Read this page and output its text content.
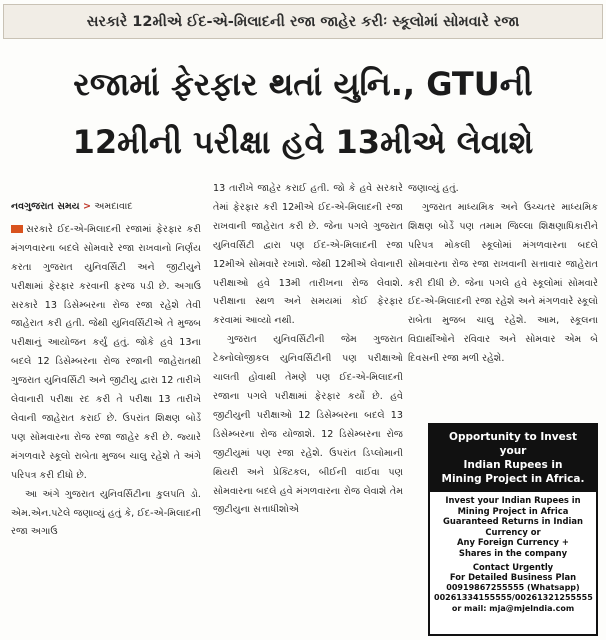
સરકારે 12મીએ ઈદ-એ-મિલાદની રજા જાહેર કરીઃ સ્કૂલોમાં સોમવારે રજા
રજામાં ફેરફાર થતાં યુનિ., GTUની
12મીની પરીક્ષા હવે 13મીએ લેવાશે
નવગુજરાત સમય > અમદાવાદ

સરકારે ઈદ-એ-મિલાદની રજામાં ફેરફાર કરી મંગળવારના બદલે સોમવારે રજા રાખવાનો નિર્ણય કરતા ગુજરાત યુનિવર્સિટી અને જીટીયુને પરીક્ષામાં ફેરફાર કરવાની ફરજ પડી છે. અગાઉ સરકારે 13 ડિસેમ્બરના રોજ રજા રહેશે તેવી જાહેરાત કરી હતી. જેથી યુનિવર્સિટીએ તે મુજબ પરીક્ષાનું આયોજન કર્યું હતું. જોકે હવે 13ના બદલે 12 ડિસેમ્બરના રોજ રજાની જાહેરાતથી ગુજરાત યુનિવર્સિટી અને જીટીયુ દ્વારા 12 તારીખે લેવાનારી પરીક્ષા રદ કરી તે પરીક્ષા 13 તારીખે લેવાની જાહેરાત કરાઈ છે. ઉપરાંત શિક્ષણ બોર્ડે પણ સોમવારના રોજ રજા જાહેર કરી છે. જ્યારે મંગળવારે સ્કૂલો રાબેતા મુજબ ચાલુ રહેશે તે અંગે પરિપત્ર કરી દીધો છે.

આ અંગે ગુજરાત યુનિવર્સિટીના કુલપતિ ડો. એમ.એન.પટેલે જણાવ્યું હતું કે, ઈદ-એ-મિલાદની રજા અગાઉ

13 તારીખે જાહેર કરાઈ હતી. જો કે હવે સરકારે તેમાં ફેરફાર કરી 12મીએ ઈદ-એ-મિલાદની રજા રાખવાની જાહેરાત કરી છે. જેના પગલે ગુજરાત યુનિવર્સિટી દ્વારા પણ ઈદ-એ-મિલાદની રજા 12મીએ સોમવારે રખાશે. જેથી 12મીએ લેવાનારી પરીક્ષાઓ હવે 13મી તારીખના રોજ લેવાશે. પરીક્ષાના સ્થળ અને સમયમાં કોઈ ફેરફાર કરવામાં આવ્યો નથી.

ગુજરાત યુનિવર્સિટીની જેમ ગુજરાત ટેક્નોલોજીકલ યુનિવર્સિટીની પણ પરીક્ષાઓ ચાલતી હોવાથી તેમણે પણ ઈદ-એ-મિલાદની રજાના પગલે પરીક્ષામાં ફેરફાર કર્યો છે. હવે જીટીયુની પરીક્ષાઓ 12 ડિસેમ્બરના બદલે 13 ડિસેમ્બરના રોજ યોજાશે. 12 ડિસેમ્બરના રોજ જીટીયુમાં પણ રજા રહેશે. ઉપરાંત ડિપ્લોમાની થિયરી અને પ્રેક્ટિકલ, બીઈની વાઈવા પણ સોમવારના બદલે હવે મંગળવારના રોજ લેવાશે તેમ જીટીયુના સત્તાધીશોએ

જણાવ્યું હતું.

ગુજરાત માધ્યમિક અને ઉચ્ચતર માધ્યમિક શિક્ષણ બોર્ડે પણ તમામ જિલ્લા શિક્ષણાધિકારીને પરિપત્ર મોકલી સ્કૂલોમાં મંગળવારના બદલે સોમવારના રોજ રજા રાખવાની સત્તાવાર જાહેરાત કરી દીધી છે. જેના પગલે હવે સ્કૂલોમાં સોમવારે ઈદ-એ-મિલાદની રજા રહેશે અને મંગળવારે સ્કૂલો રાબેતા મુજબ ચાલુ રહેશે. આમ, સ્કૂલના વિદ્યાર્થીઓને રવિવાર અને સોમવાર એમ બે દિવસની રજા મળી રહેશે.

Opportunity to Invest your
Indian Rupees in
Mining Project in Africa.
Invest your Indian Rupees in
Mining Project in Africa
Guaranteed Returns in Indian
Currency or
Any Foreign Currency +
Shares in the company
Contact Urgently
For Detailed Business Plan
00919867255555 (Whatsapp)
00261334155555/00261321255555
or mail: mja@mjelndia.com
